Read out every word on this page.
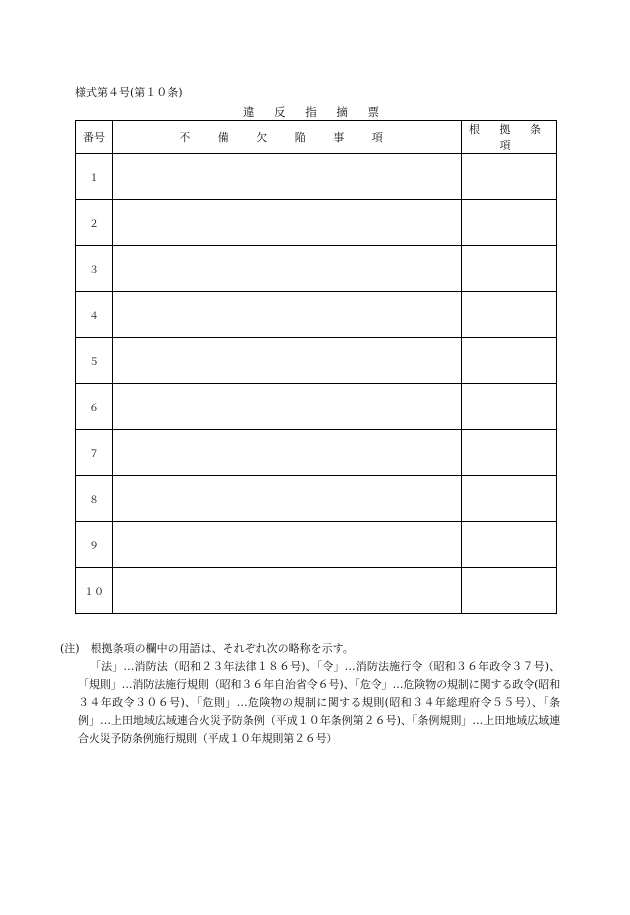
様式第４号(第１０条)
違 反 指 摘 票
番号	不 備 欠 陥 事 項	根 拠 条 項
１		
２		
３		
４		
５		
６		
７		
８		
９		
１０		

(注)　根拠条項の欄中の用語は、それぞれ次の略称を示す。

「法」…消防法（昭和２３年法律１８６号)、「令」…消防法施行令（昭和３６年政令３７号)、「規則」…消防法施行規則（昭和３６年自治省令６号)、「危令」…危険物の規制に関する政令(昭和３４年政令３０６号)、「危則」…危険物の規制に関する規則(昭和３４年総理府令５５号）、「条例」…上田地域広域連合火災予防条例（平成１０年条例第２６号)、「条例規則」…上田地域広域連合火災予防条例施行規則（平成１０年規則第２６号）
